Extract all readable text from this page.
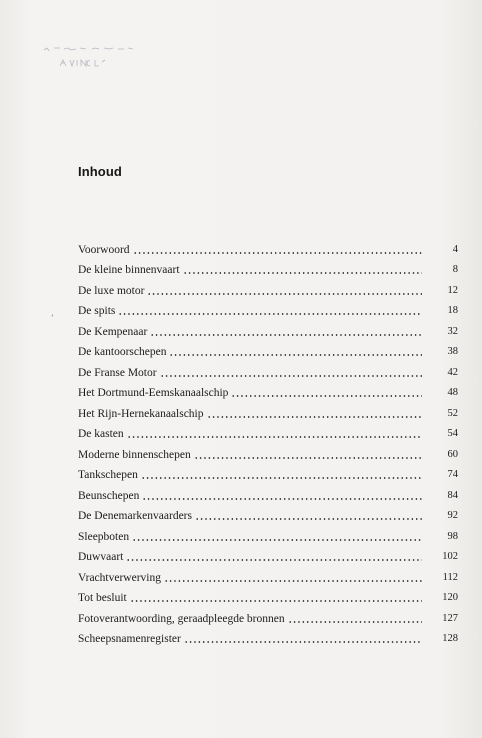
ʻ
Inhoud
Voorwoord	4
De kleine binnenvaart	8
De luxe motor	12
De spits	18
De Kempenaar	32
De kantoorschepen	38
De Franse Motor	42
Het Dortmund-Eemskanaalschip	48
Het Rijn-Hernekanaalschip	52
De kasten	54
Moderne binnenschepen	60
Tankschepen	74
Beunschepen	84
De Denemarkenvaarders	92
Sleepboten	98
Duwvaart	102
Vrachtverwerving	112
Tot besluit	120
Fotoverantwoording, geraadpleegde bronnen	127
Scheepsnamenregister	128
